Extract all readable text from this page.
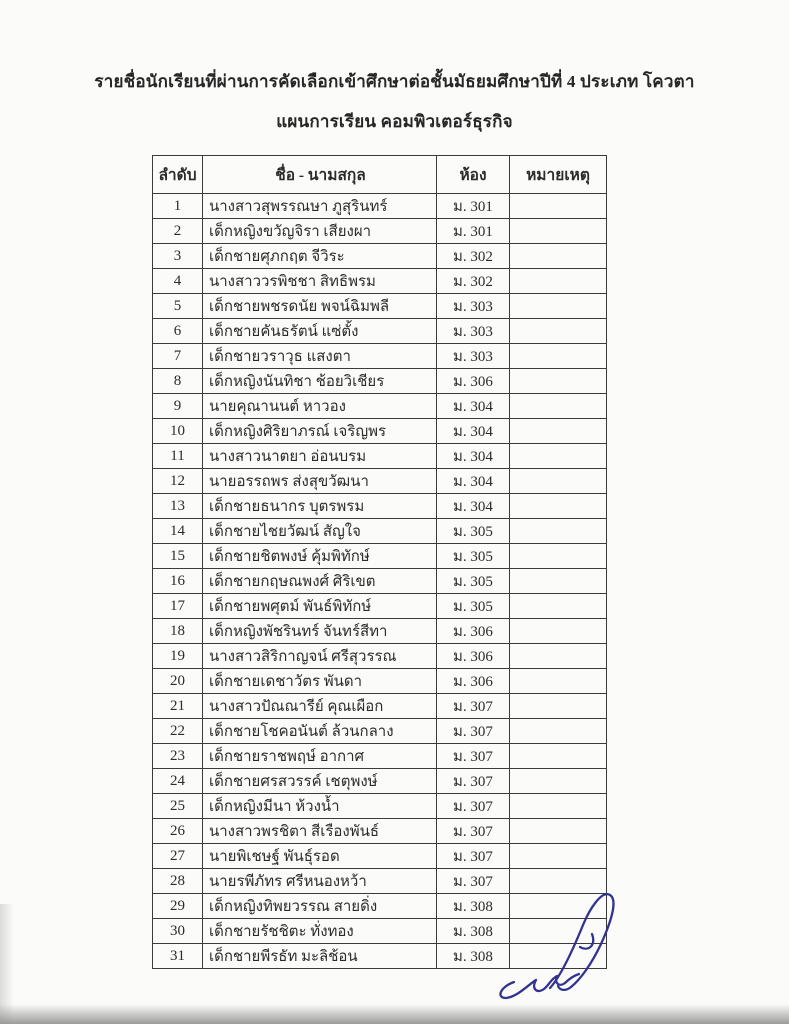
รายชื่อนักเรียนที่ผ่านการคัดเลือกเข้าศึกษาต่อชั้นมัธยมศึกษาปีที่ 4 ประเภท โควตา
แผนการเรียน คอมพิวเตอร์ธุรกิจ
ลำดับ	ชื่อ - นามสกุล	ห้อง	หมายเหตุ
1	นางสาวสุพรรณษา ภูสุรินทร์	ม. 301	
2	เด็กหญิงขวัญจิรา เสียงผา	ม. 301	
3	เด็กชายศุภกฤต จีวิระ	ม. 302	
4	นางสาววรพิชชา สิทธิพรม	ม. 302	
5	เด็กชายพชรดนัย พจน์ฉิมพลี	ม. 303	
6	เด็กชายคันธรัตน์ แซ่ตั้ง	ม. 303	
7	เด็กชายวราวุธ แสงตา	ม. 303	
8	เด็กหญิงนันทิชา ช้อยวิเชียร	ม. 306	
9	นายคุณานนต์ หาวอง	ม. 304	
10	เด็กหญิงศิริยาภรณ์ เจริญพร	ม. 304	
11	นางสาวนาตยา อ่อนบรม	ม. 304	
12	นายอรรถพร ส่งสุขวัฒนา	ม. 304	
13	เด็กชายธนากร บุตรพรม	ม. 304	
14	เด็กชายไชยวัฒน์ สัญใจ	ม. 305	
15	เด็กชายชิตพงษ์ คุ้มพิทักษ์	ม. 305	
16	เด็กชายกฤษณพงศ์ ศิริเขต	ม. 305	
17	เด็กชายพศุตม์ พันธ์พิทักษ์	ม. 305	
18	เด็กหญิงพัชรินทร์ จันทร์สีทา	ม. 306	
19	นางสาวสิริกาญจน์ ศรีสุวรรณ	ม. 306	
20	เด็กชายเดชาวัตร พันดา	ม. 306	
21	นางสาวปัณณารีย์ คุณเผือก	ม. 307	
22	เด็กชายโชคอนันต์ ล้วนกลาง	ม. 307	
23	เด็กชายราชพฤษ์ อากาศ	ม. 307	
24	เด็กชายศรสวรรค์ เชตุพงษ์	ม. 307	
25	เด็กหญิงมีนา ห้วงน้ำ	ม. 307	
26	นางสาวพรชิตา สีเรืองพันธ์	ม. 307	
27	นายพิเชษฐ์ พันธุ์รอด	ม. 307	
28	นายรพีภัทร ศรีหนองหว้า	ม. 307	
29	เด็กหญิงทิพยวรรณ สายดิ่ง	ม. 308	
30	เด็กชายรัชชิตะ ทั่งทอง	ม. 308	
31	เด็กชายพีรธัท มะลิช้อน	ม. 308	
